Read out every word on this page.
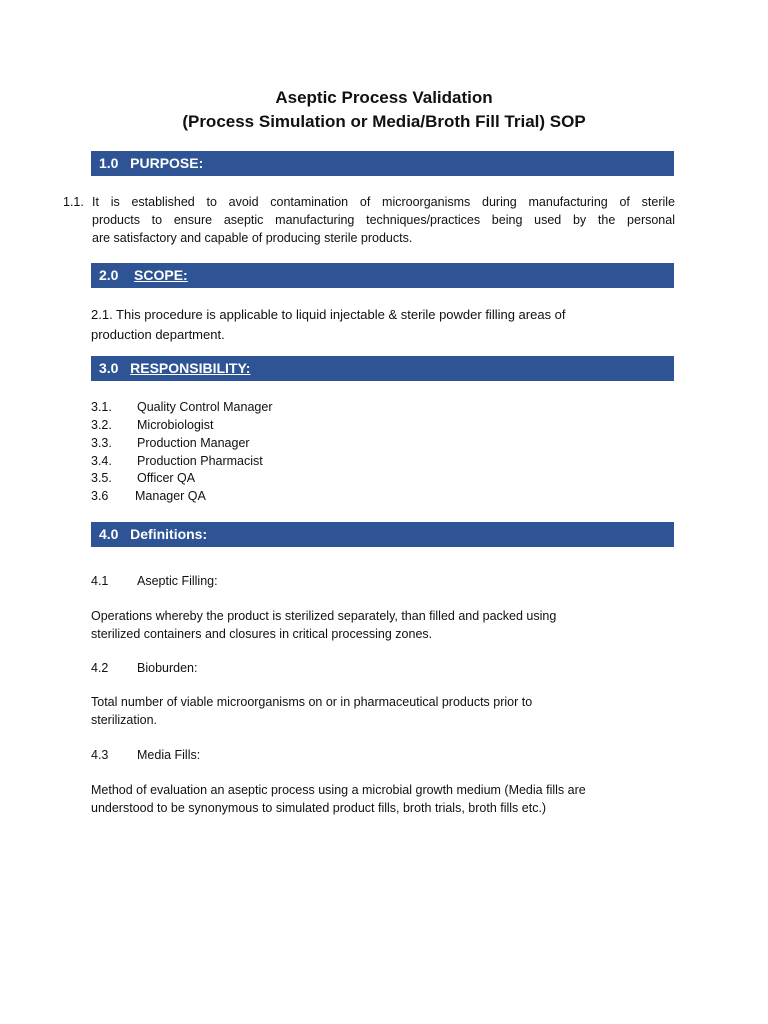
Aseptic Process Validation
(Process Simulation or Media/Broth Fill Trial) SOP
1.0 PURPOSE:
1.1. It is established to avoid contamination of microorganisms during manufacturing of sterile
products to ensure aseptic manufacturing techniques/practices being used by the personal
are satisfactory and capable of producing sterile products.
2.0 SCOPE:
2.1. This procedure is applicable to liquid injectable & sterile powder filling areas of
production department.
3.0 RESPONSIBILITY:
3.1. Quality Control Manager
3.2. Microbiologist
3.3. Production Manager
3.4. Production Pharmacist
3.5. Officer QA
3.6 Manager QA
4.0 Definitions:
4.1 Aseptic Filling:
Operations whereby the product is sterilized separately, than filled and packed using
sterilized containers and closures in critical processing zones.
4.2 Bioburden:
Total number of viable microorganisms on or in pharmaceutical products prior to
sterilization.
4.3 Media Fills:
Method of evaluation an aseptic process using a microbial growth medium (Media fills are
understood to be synonymous to simulated product fills, broth trials, broth fills etc.)
